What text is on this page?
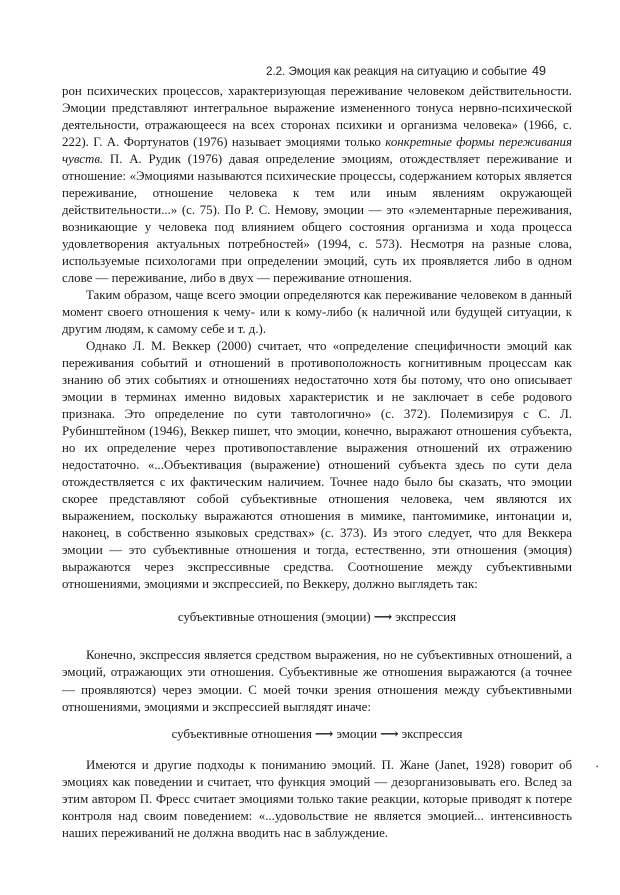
2.2. Эмоция как реакция на ситуацию и событие 49

рон психических процессов, характеризующая переживание человеком действительности. Эмоции представляют интегральное выражение измененного тонуса нервно-психической деятельности, отражающееся на всех сторонах психики и организма человека» (1966, с. 222). Г. А. Фортунатов (1976) называет эмоциями только конкретные формы переживания чувств. П. А. Рудик (1976) давая определение эмоциям, отождествляет переживание и отношение: «Эмоциями называются психические процессы, содержанием которых является переживание, отношение человека к тем или иным явлениям окружающей действительности...» (с. 75). По Р. С. Немову, эмоции — это «элементарные переживания, возникающие у человека под влиянием общего состояния организма и хода процесса удовлетворения актуальных потребностей» (1994, с. 573). Несмотря на разные слова, используемые психологами при определении эмоций, суть их проявляется либо в одном слове — переживание, либо в двух — переживание отношения.

Таким образом, чаще всего эмоции определяются как переживание человеком в данный момент своего отношения к чему- или к кому-либо (к наличной или будущей ситуации, к другим людям, к самому себе и т. д.).

Однако Л. М. Веккер (2000) считает, что «определение специфичности эмоций как переживания событий и отношений в противоположность когнитивным процессам как знанию об этих событиях и отношениях недостаточно хотя бы потому, что оно описывает эмоции в терминах именно видовых характеристик и не заключает в себе родового признака. Это определение по сути тавтологично» (с. 372). Полемизируя с С. Л. Рубинштейном (1946), Веккер пишет, что эмоции, конечно, выражают отношения субъекта, но их определение через противопоставление выражения отношений их отражению недостаточно. «...Объективация (выражение) отношений субъекта здесь по сути дела отождествляется с их фактическим наличием. Точнее надо было бы сказать, что эмоции скорее представляют собой субъективные отношения человека, чем являются их выражением, поскольку выражаются отношения в мимике, пантомимике, интонации и, наконец, в собственно языковых средствах» (с. 373). Из этого следует, что для Веккера эмоции — это субъективные отношения и тогда, естественно, эти отношения (эмоция) выражаются через экспрессивные средства. Соотношение между субъективными отношениями, эмоциями и экспрессией, по Веккеру, должно выглядеть так:

субъективные отношения (эмоции) ⟶ экспрессия

Конечно, экспрессия является средством выражения, но не субъективных отношений, а эмоций, отражающих эти отношения. Субъективные же отношения выражаются (а точнее — проявляются) через эмоции. С моей точки зрения отношения между субъективными отношениями, эмоциями и экспрессией выглядят иначе:

субъективные отношения ⟶ эмоции ⟶ экспрессия

Имеются и другие подходы к пониманию эмоций. П. Жане (Janet, 1928) говорит об эмоциях как поведении и считает, что функция эмоций — дезорганизовывать его. Вслед за этим автором П. Фресс считает эмоциями только такие реакции, которые приводят к потере контроля над своим поведением: «...удовольствие не является эмоцией... интенсивность наших переживаний не должна вводить нас в заблуждение.

•
